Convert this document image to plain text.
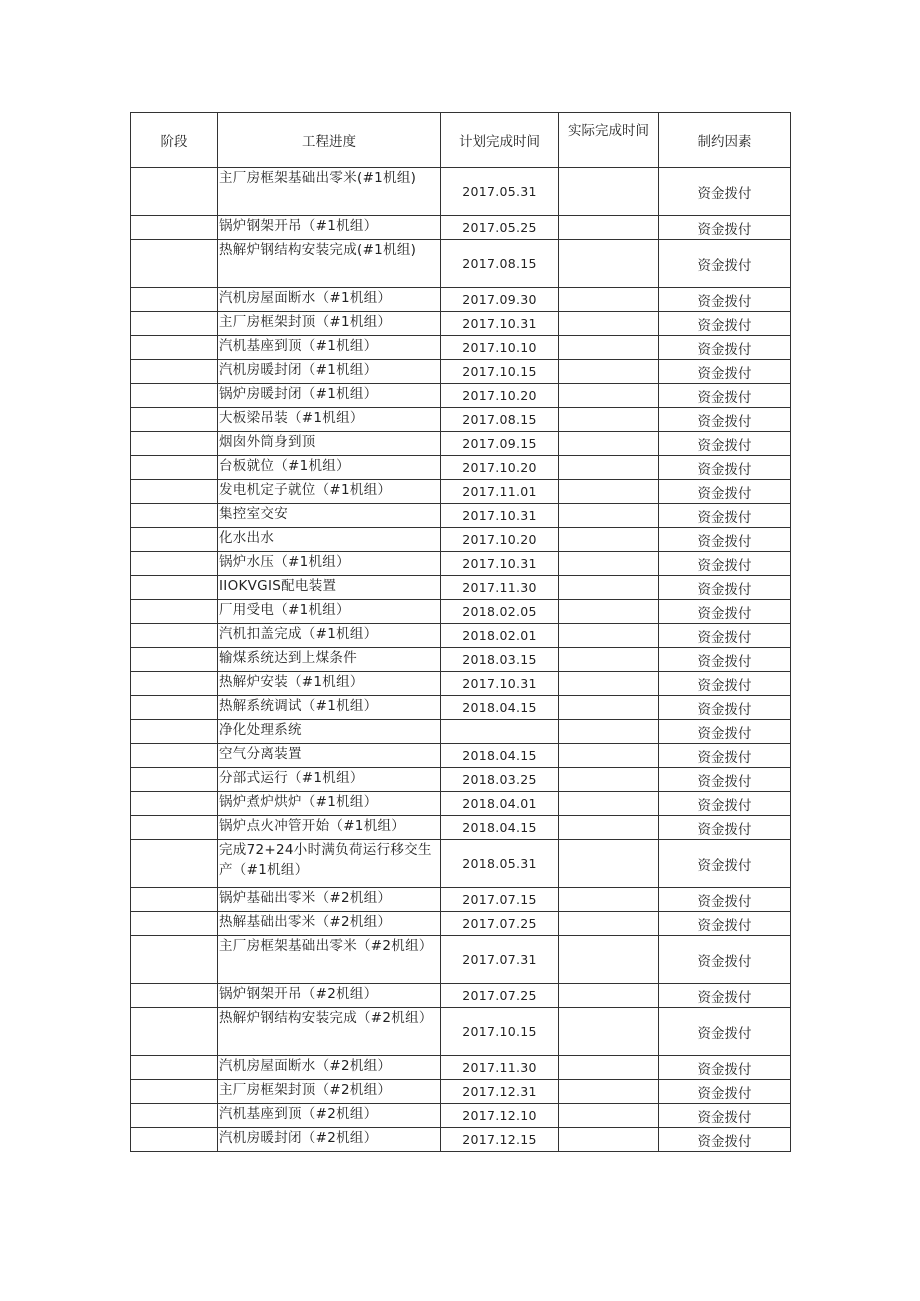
阶段	工程进度	计划完成时间	实际完成时间	制约因素
	主厂房框架基础出零米(#1机组)	2017.05.31		资金拨付
	锅炉钢架开吊（#1机组）	2017.05.25		资金拨付
	热解炉钢结构安装完成(#1机组)	2017.08.15		资金拨付
	汽机房屋面断水（#1机组）	2017.09.30		资金拨付
	主厂房框架封顶（#1机组）	2017.10.31		资金拨付
	汽机基座到顶（#1机组）	2017.10.10		资金拨付
	汽机房暖封闭（#1机组）	2017.10.15		资金拨付
	锅炉房暖封闭（#1机组）	2017.10.20		资金拨付
	大板梁吊装（#1机组）	2017.08.15		资金拨付
	烟囱外筒身到顶	2017.09.15		资金拨付
	台板就位（#1机组）	2017.10.20		资金拨付
	发电机定子就位（#1机组）	2017.11.01		资金拨付
	集控室交安	2017.10.31		资金拨付
	化水出水	2017.10.20		资金拨付
	锅炉水压（#1机组）	2017.10.31		资金拨付
	IIOKVGIS配电装置	2017.11.30		资金拨付
	厂用受电（#1机组）	2018.02.05		资金拨付
	汽机扣盖完成（#1机组）	2018.02.01		资金拨付
	输煤系统达到上煤条件	2018.03.15		资金拨付
	热解炉安装（#1机组）	2017.10.31		资金拨付
	热解系统调试（#1机组）	2018.04.15		资金拨付
	净化处理系统			资金拨付
	空气分离装置	2018.04.15		资金拨付
	分部式运行（#1机组）	2018.03.25		资金拨付
	锅炉煮炉烘炉（#1机组）	2018.04.01		资金拨付
	锅炉点火冲管开始（#1机组）	2018.04.15		资金拨付
	完成72+24小时满负荷运行移交生产（#1机组）	2018.05.31		资金拨付
	锅炉基础出零米（#2机组）	2017.07.15		资金拨付
	热解基础出零米（#2机组）	2017.07.25		资金拨付
	主厂房框架基础出零米（#2机组）	2017.07.31		资金拨付
	锅炉钢架开吊（#2机组）	2017.07.25		资金拨付
	热解炉钢结构安装完成（#2机组）	2017.10.15		资金拨付
	汽机房屋面断水（#2机组）	2017.11.30		资金拨付
	主厂房框架封顶（#2机组）	2017.12.31		资金拨付
	汽机基座到顶（#2机组）	2017.12.10		资金拨付
	汽机房暖封闭（#2机组）	2017.12.15		资金拨付
